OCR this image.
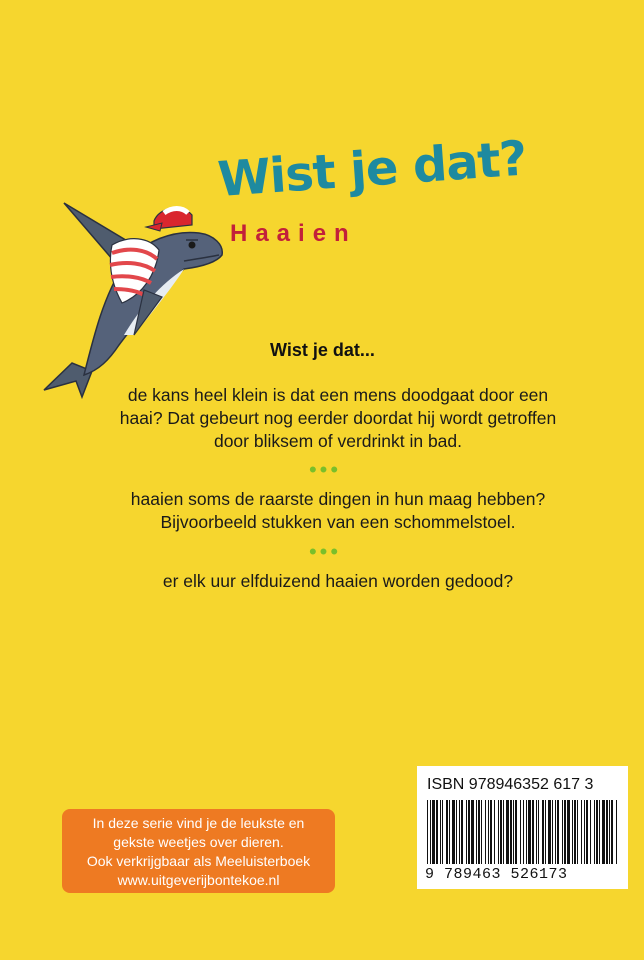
Wist je dat?
Haaien
Wist je dat...
de kans heel klein is dat een mens doodgaat door een haai? Dat gebeurt nog eerder doordat hij wordt getroffen door bliksem of verdrinkt in bad.
•••
haaien soms de raarste dingen in hun maag hebben? Bijvoorbeeld stukken van een schommelstoel.
•••
er elk uur elfduizend haaien worden gedood?
In deze serie vind je de leukste en
gekste weetjes over dieren.
Ook verkrijgbaar als Meeluisterboek
www.uitgeverijbontekoe.nl
ISBN 978946352 617 3
9 789463 526173
